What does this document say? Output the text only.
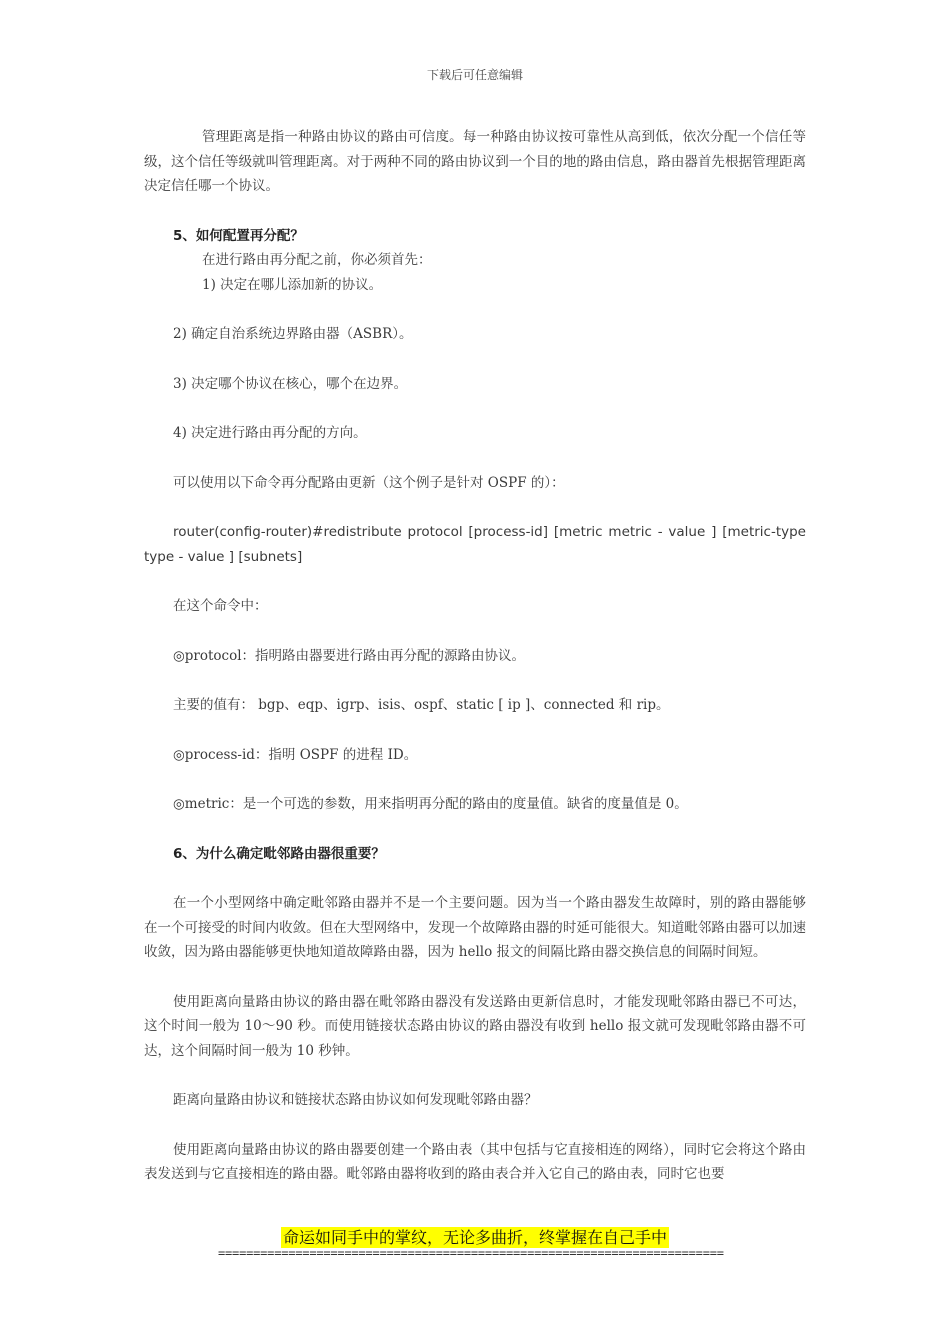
下载后可任意编辑

管理距离是指一种路由协议的路由可信度。每一种路由协议按可靠性从高到低，依次分配一个信任等级，这个信任等级就叫管理距离。对于两种不同的路由协议到一个目的地的路由信息，路由器首先根据管理距离决定信任哪一个协议。

5、如何配置再分配？

在进行路由再分配之前，你必须首先：

1) 决定在哪儿添加新的协议。

2) 确定自治系统边界路由器（ASBR）。

3) 决定哪个协议在核心，哪个在边界。

4) 决定进行路由再分配的方向。

可以使用以下命令再分配路由更新（这个例子是针对 OSPF 的）：

router(config-router)#redistribute protocol [process-id] [metric metric - value ] [metric-type type - value ] [subnets]

在这个命令中：

◎protocol：指明路由器要进行路由再分配的源路由协议。

主要的值有： bgp、eqp、igrp、isis、ospf、static [ ip ]、connected 和 rip。

◎process-id：指明 OSPF 的进程 ID。

◎metric：是一个可选的参数，用来指明再分配的路由的度量值。缺省的度量值是 0。

6、为什么确定毗邻路由器很重要？

在一个小型网络中确定毗邻路由器并不是一个主要问题。因为当一个路由器发生故障时，别的路由器能够在一个可接受的时间内收敛。但在大型网络中，发现一个故障路由器的时延可能很大。知道毗邻路由器可以加速收敛，因为路由器能够更快地知道故障路由器，因为 hello 报文的间隔比路由器交换信息的间隔时间短。

使用距离向量路由协议的路由器在毗邻路由器没有发送路由更新信息时，才能发现毗邻路由器已不可达，这个时间一般为 10～90 秒。而使用链接状态路由协议的路由器没有收到 hello 报文就可发现毗邻路由器不可达，这个间隔时间一般为 10 秒钟。

距离向量路由协议和链接状态路由协议如何发现毗邻路由器？

使用距离向量路由协议的路由器要创建一个路由表（其中包括与它直接相连的网络），同时它会将这个路由表发送到与它直接相连的路由器。毗邻路由器将收到的路由表合并入它自己的路由表，同时它也要

命运如同手中的掌纹，无论多曲折，终掌握在自己手中
========================================================================
